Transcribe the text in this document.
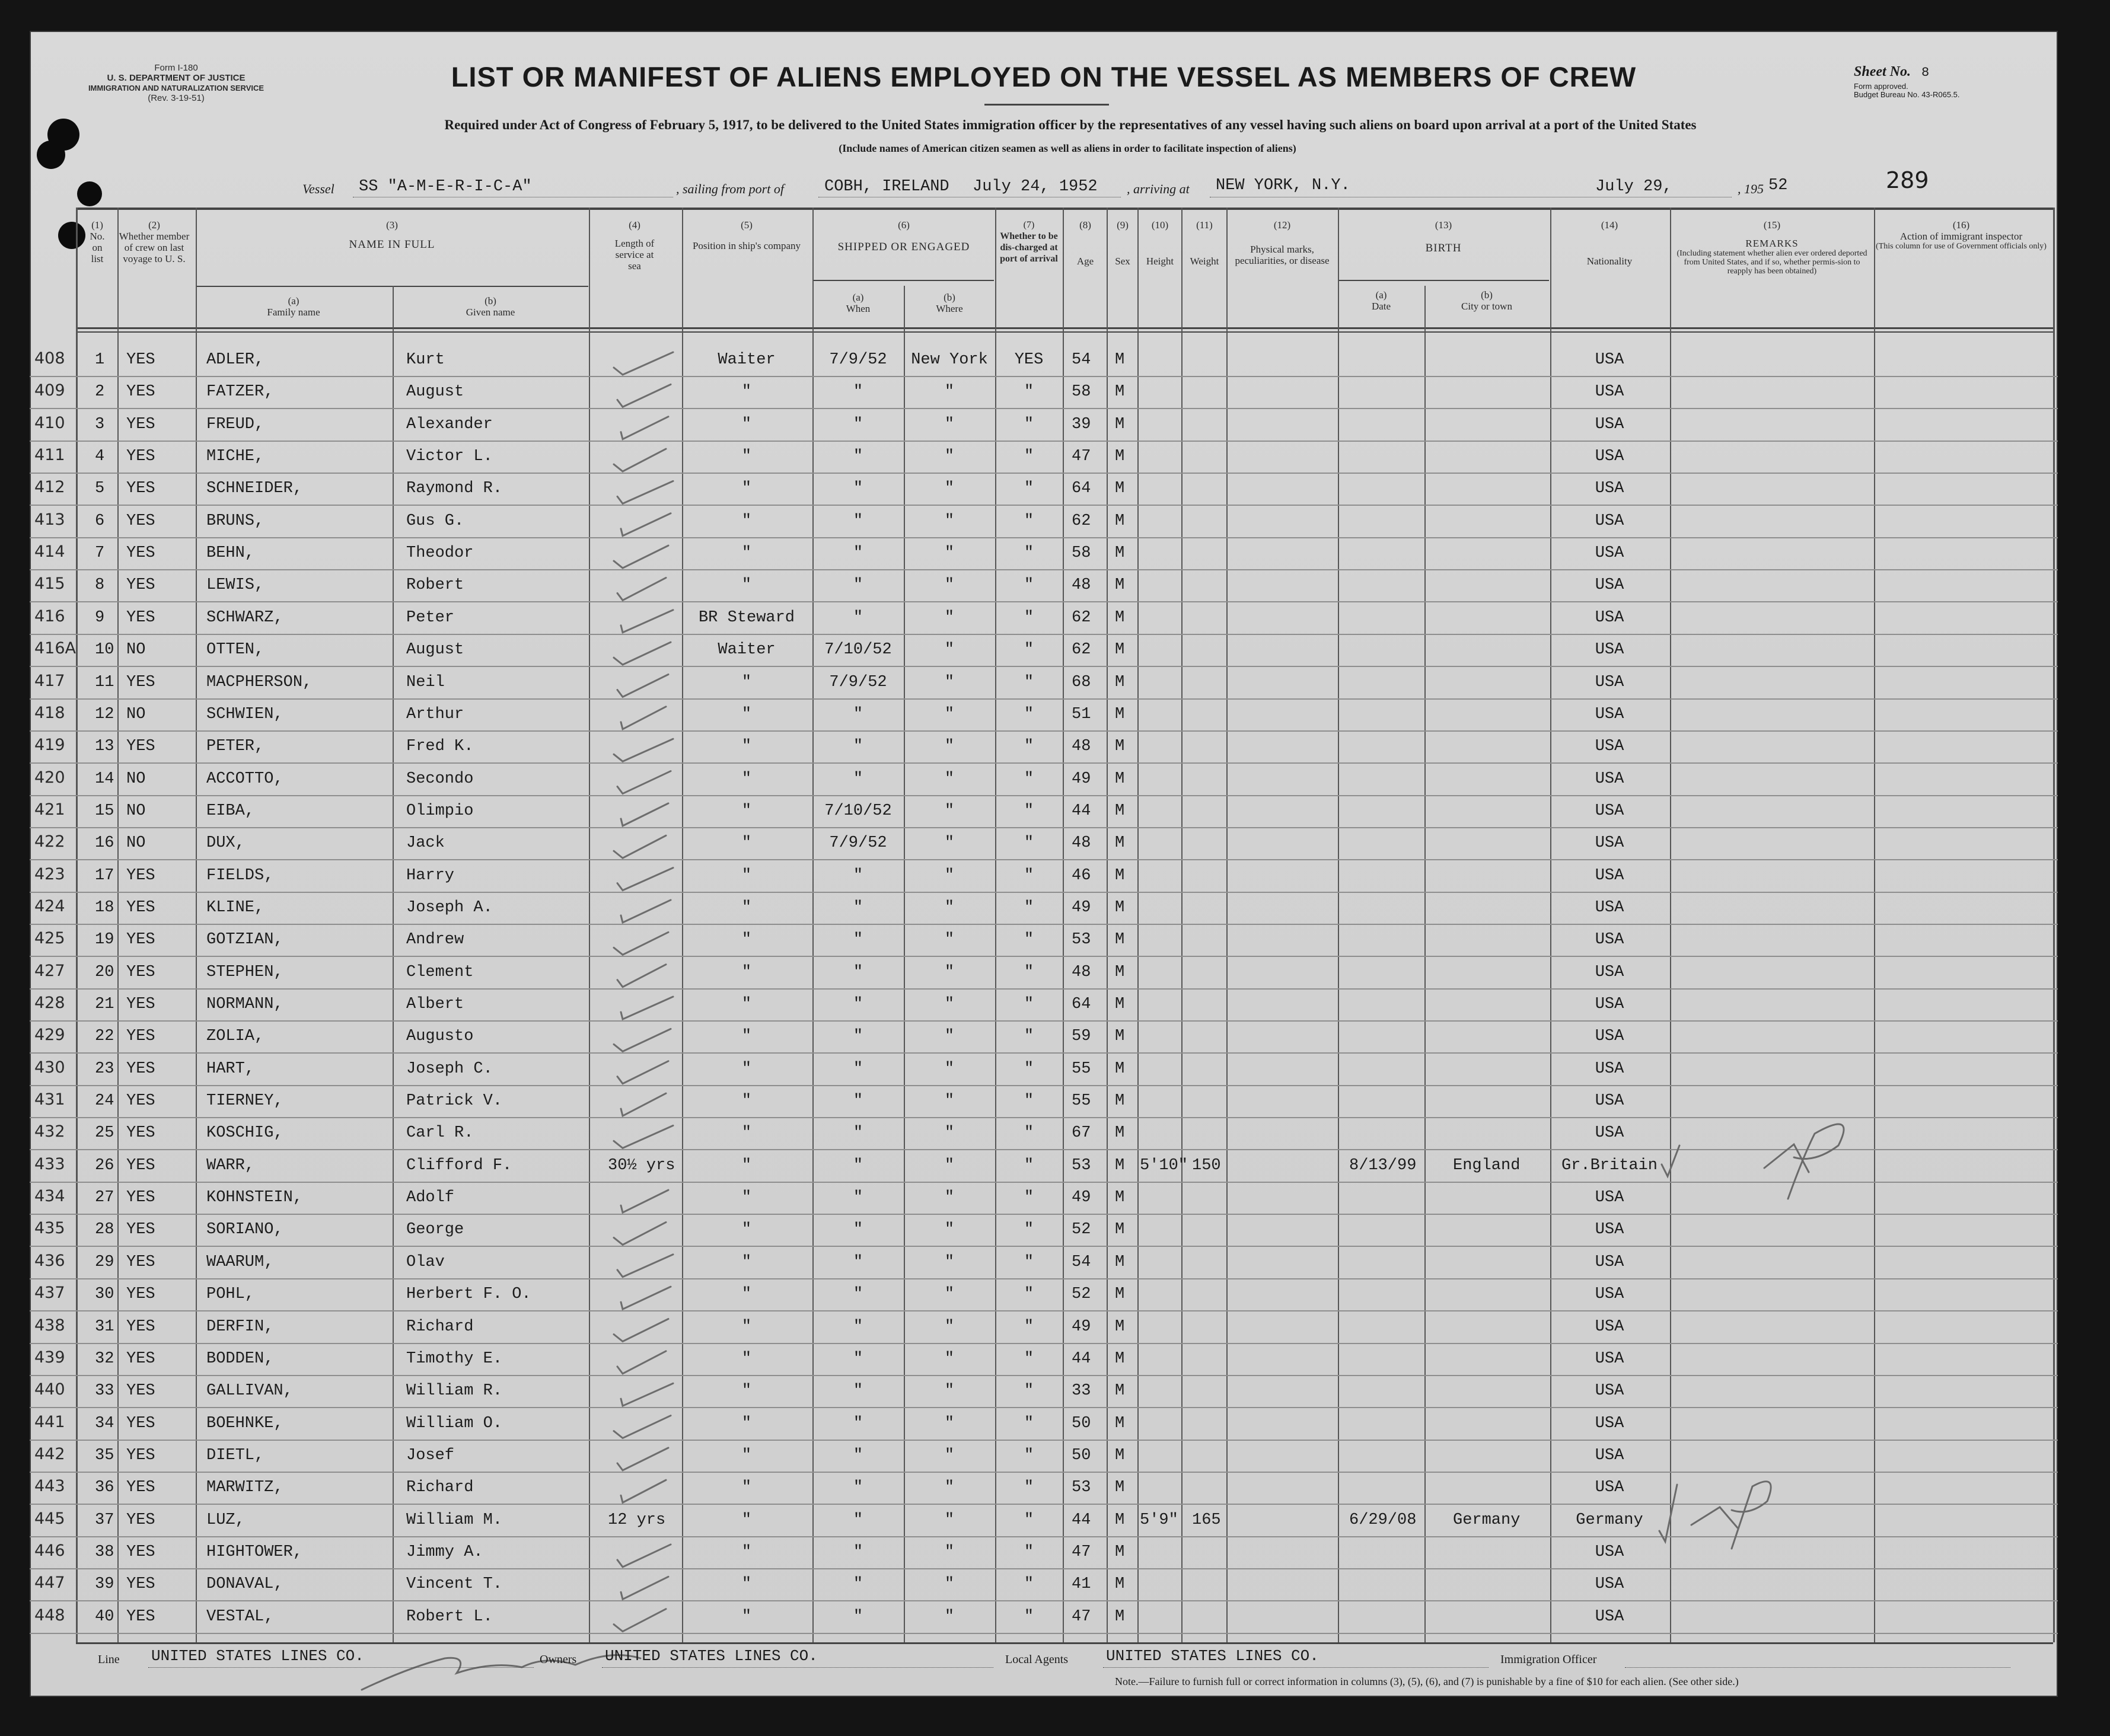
Form I-180
U. S. DEPARTMENT OF JUSTICE
IMMIGRATION AND NATURALIZATION SERVICE
(Rev. 3-19-51)
LIST OR MANIFEST OF ALIENS EMPLOYED ON THE VESSEL AS MEMBERS OF CREW
Required under Act of Congress of February 5, 1917, to be delivered to the United States immigration officer by the representatives of any vessel having such aliens on board upon arrival at a port of the United States
(Include names of American citizen seamen as well as aliens in order to facilitate inspection of aliens)
Sheet No. 8
Form approved.
Budget Bureau No. 43-R065.5.
289
Vessel SS "A-M-E-R-I-C-A"	, sailing from port of	COBH, IRELAND July 24, 1952 , arriving at NEW YORK, N.Y.	July 29,	, 195 52
(1)
No. on list
(2)
Whether member of crew on last voyage to U. S.
(3)
NAME IN FULL
(a)
Family name
(b)
Given name
(4)
Length of service at sea
(5)
Position in ship's company
(6)
SHIPPED OR ENGAGED
(a)
When
(b)
Where
(7)
Whether to be dis-charged at port of arrival
(8)
Age
(9)
Sex
(10)
Height
(11)
Weight
(12)
Physical marks, peculiarities, or disease
(13)
BIRTH
(a)
Date
(b)
City or town
(14)
Nationality
(15)
REMARKS
(Including statement whether alien ever ordered deported from United States, and if so, whether permis-sion to reapply has been obtained)
(16)
Action of immigrant inspector
(This column for use of Government officials only)
408 1 YES	ADLER,	Kurt	Waiter	7/9/52	New York	YES	54 M	USA
409 2 YES	FATZER,	August	"	"	"	"	58 M	USA
410 3 YES	FREUD,	Alexander	"	"	"	"	39 M	USA
411 4 YES	MICHE,	Victor L.	"	"	"	"	47 M	USA
412 5 YES	SCHNEIDER,	Raymond R.	"	"	"	"	64 M	USA
413 6 YES	BRUNS,	Gus G.	"	"	"	"	62 M	USA
414 7 YES	BEHN,	Theodor	"	"	"	"	58 M	USA
415 8 YES	LEWIS,	Robert	"	"	"	"	48 M	USA
416 9 YES	SCHWARZ,	Peter	BR Steward	"	"	"	62 M	USA
416A 10 NO	OTTEN,	August	Waiter	7/10/52	"	"	62 M	USA
417 11 YES	MACPHERSON,	Neil	"	7/9/52	"	"	68 M	USA
418 12 NO	SCHWIEN,	Arthur	"	"	"	"	51 M	USA
419 13 YES	PETER,	Fred K.	"	"	"	"	48 M	USA
420 14 NO	ACCOTTO,	Secondo	"	"	"	"	49 M	USA
421 15 NO	EIBA,	Olimpio	"	7/10/52	"	"	44 M	USA
422 16 NO	DUX,	Jack	"	7/9/52	"	"	48 M	USA
423 17 YES	FIELDS,	Harry	"	"	"	"	46 M	USA
424 18 YES	KLINE,	Joseph A.	"	"	"	"	49 M	USA
425 19 YES	GOTZIAN,	Andrew	"	"	"	"	53 M	USA
427 20 YES	STEPHEN,	Clement	"	"	"	"	48 M	USA
428 21 YES	NORMANN,	Albert	"	"	"	"	64 M	USA
429 22 YES	ZOLIA,	Augusto	"	"	"	"	59 M	USA
430 23 YES	HART,	Joseph C.	"	"	"	"	55 M	USA
431 24 YES	TIERNEY,	Patrick V.	"	"	"	"	55 M	USA
432 25 YES	KOSCHIG,	Carl R.	"	"	"	"	67 M	USA
433 26 YES	WARR,	Clifford F.	30½ yrs	"	"	"	"	53 M 5'10" 150	8/13/99 England	Gr.Britain
434 27 YES	KOHNSTEIN,	Adolf	"	"	"	"	49 M	USA
435 28 YES	SORIANO,	George	"	"	"	"	52 M	USA
436 29 YES	WAARUM,	Olav	"	"	"	"	54 M	USA
437 30 YES	POHL,	Herbert F. O.	"	"	"	"	52 M	USA
438 31 YES	DERFIN,	Richard	"	"	"	"	49 M	USA
439 32 YES	BODDEN,	Timothy E.	"	"	"	"	44 M	USA
440 33 YES	GALLIVAN,	William R.	"	"	"	"	33 M	USA
441 34 YES	BOEHNKE,	William O.	"	"	"	"	50 M	USA
442 35 YES	DIETL,	Josef	"	"	"	"	50 M	USA
443 36 YES	MARWITZ,	Richard	"	"	"	"	53 M	USA
445 37 YES	LUZ,	William M.	12 yrs	"	"	"	"	44 M 5'9" 165	6/29/08 Germany	Germany
446 38 YES	HIGHTOWER,	Jimmy A.	"	"	"	"	47 M	USA
447 39 YES	DONAVAL,	Vincent T.	"	"	"	"	41 M	USA
448 40 YES	VESTAL,	Robert L.	"	"	"	"	47 M	USA
Line UNITED STATES LINES CO.	Owners UNITED STATES LINES CO.	Local Agents UNITED STATES LINES CO.	Immigration Officer
Note.—Failure to furnish full or correct information in columns (3), (5), (6), and (7) is punishable by a fine of $10 for each alien. (See other side.)
